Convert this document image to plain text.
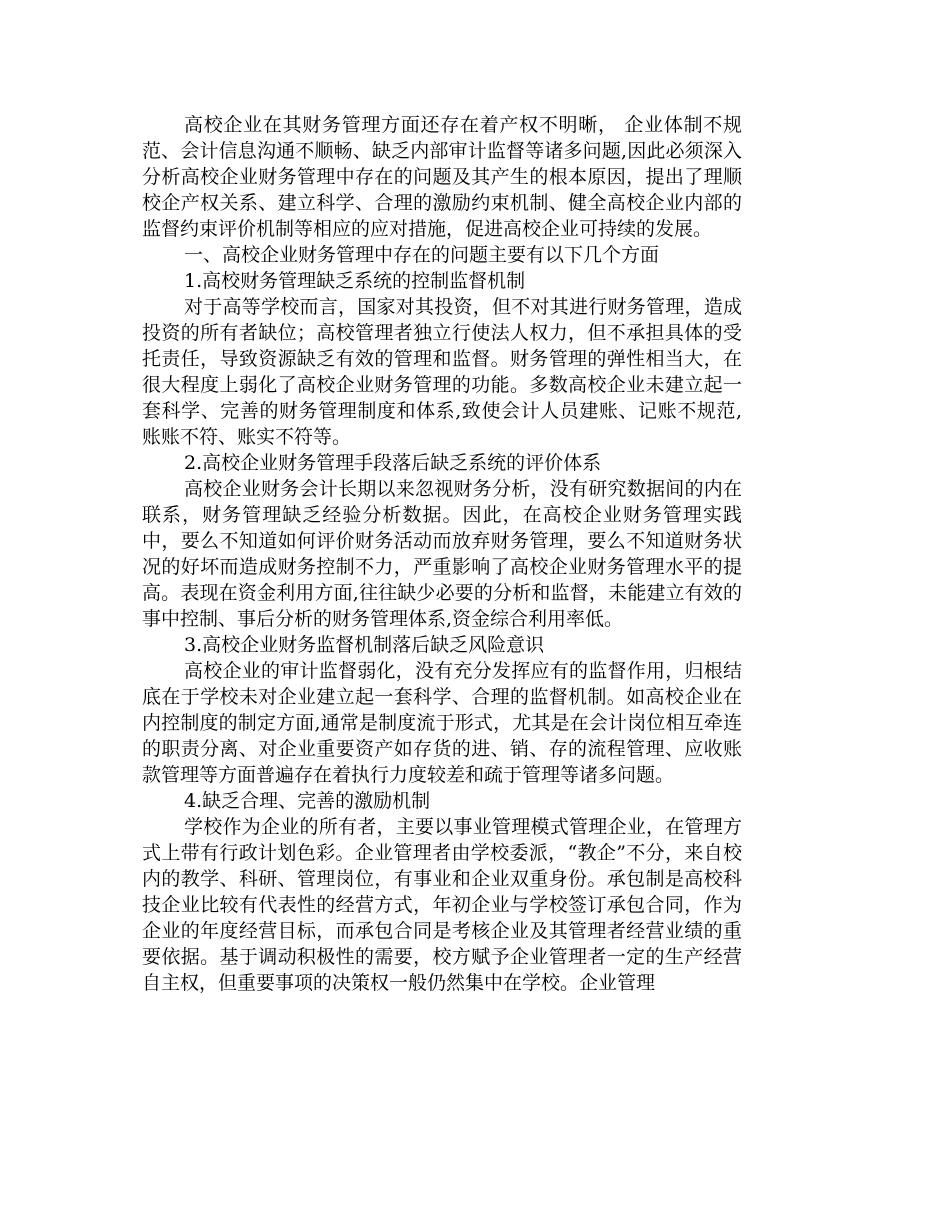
高校企业在其财务管理方面还存在着产权不明晰， 企业体制不规范、会计信息沟通不顺畅、缺乏内部审计监督等诸多问题,因此必须深入分析高校企业财务管理中存在的问题及其产生的根本原因，提出了理顺校企产权关系、建立科学、合理的激励约束机制、健全高校企业内部的监督约束评价机制等相应的应对措施，促进高校企业可持续的发展。

一、高校企业财务管理中存在的问题主要有以下几个方面

1.高校财务管理缺乏系统的控制监督机制

对于高等学校而言，国家对其投资，但不对其进行财务管理，造成投资的所有者缺位；高校管理者独立行使法人权力，但不承担具体的受托责任，导致资源缺乏有效的管理和监督。财务管理的弹性相当大，在很大程度上弱化了高校企业财务管理的功能。多数高校企业未建立起一套科学、完善的财务管理制度和体系,致使会计人员建账、记账不规范,账账不符、账实不符等。

2.高校企业财务管理手段落后缺乏系统的评价体系

高校企业财务会计长期以来忽视财务分析，没有研究数据间的内在联系，财务管理缺乏经验分析数据。因此，在高校企业财务管理实践中，要么不知道如何评价财务活动而放弃财务管理，要么不知道财务状况的好坏而造成财务控制不力，严重影响了高校企业财务管理水平的提高。表现在资金利用方面,往往缺少必要的分析和监督，未能建立有效的事中控制、事后分析的财务管理体系,资金综合利用率低。

3.高校企业财务监督机制落后缺乏风险意识

高校企业的审计监督弱化，没有充分发挥应有的监督作用，归根结底在于学校未对企业建立起一套科学、合理的监督机制。如高校企业在内控制度的制定方面,通常是制度流于形式，尤其是在会计岗位相互牵连的职责分离、对企业重要资产如存货的进、销、存的流程管理、应收账款管理等方面普遍存在着执行力度较差和疏于管理等诸多问题。

4.缺乏合理、完善的激励机制

学校作为企业的所有者，主要以事业管理模式管理企业，在管理方式上带有行政计划色彩。企业管理者由学校委派，“教企”不分，来自校内的教学、科研、管理岗位，有事业和企业双重身份。承包制是高校科技企业比较有代表性的经营方式，年初企业与学校签订承包合同，作为企业的年度经营目标，而承包合同是考核企业及其管理者经营业绩的重要依据。基于调动积极性的需要，校方赋予企业管理者一定的生产经营自主权，但重要事项的决策权一般仍然集中在学校。企业管理
